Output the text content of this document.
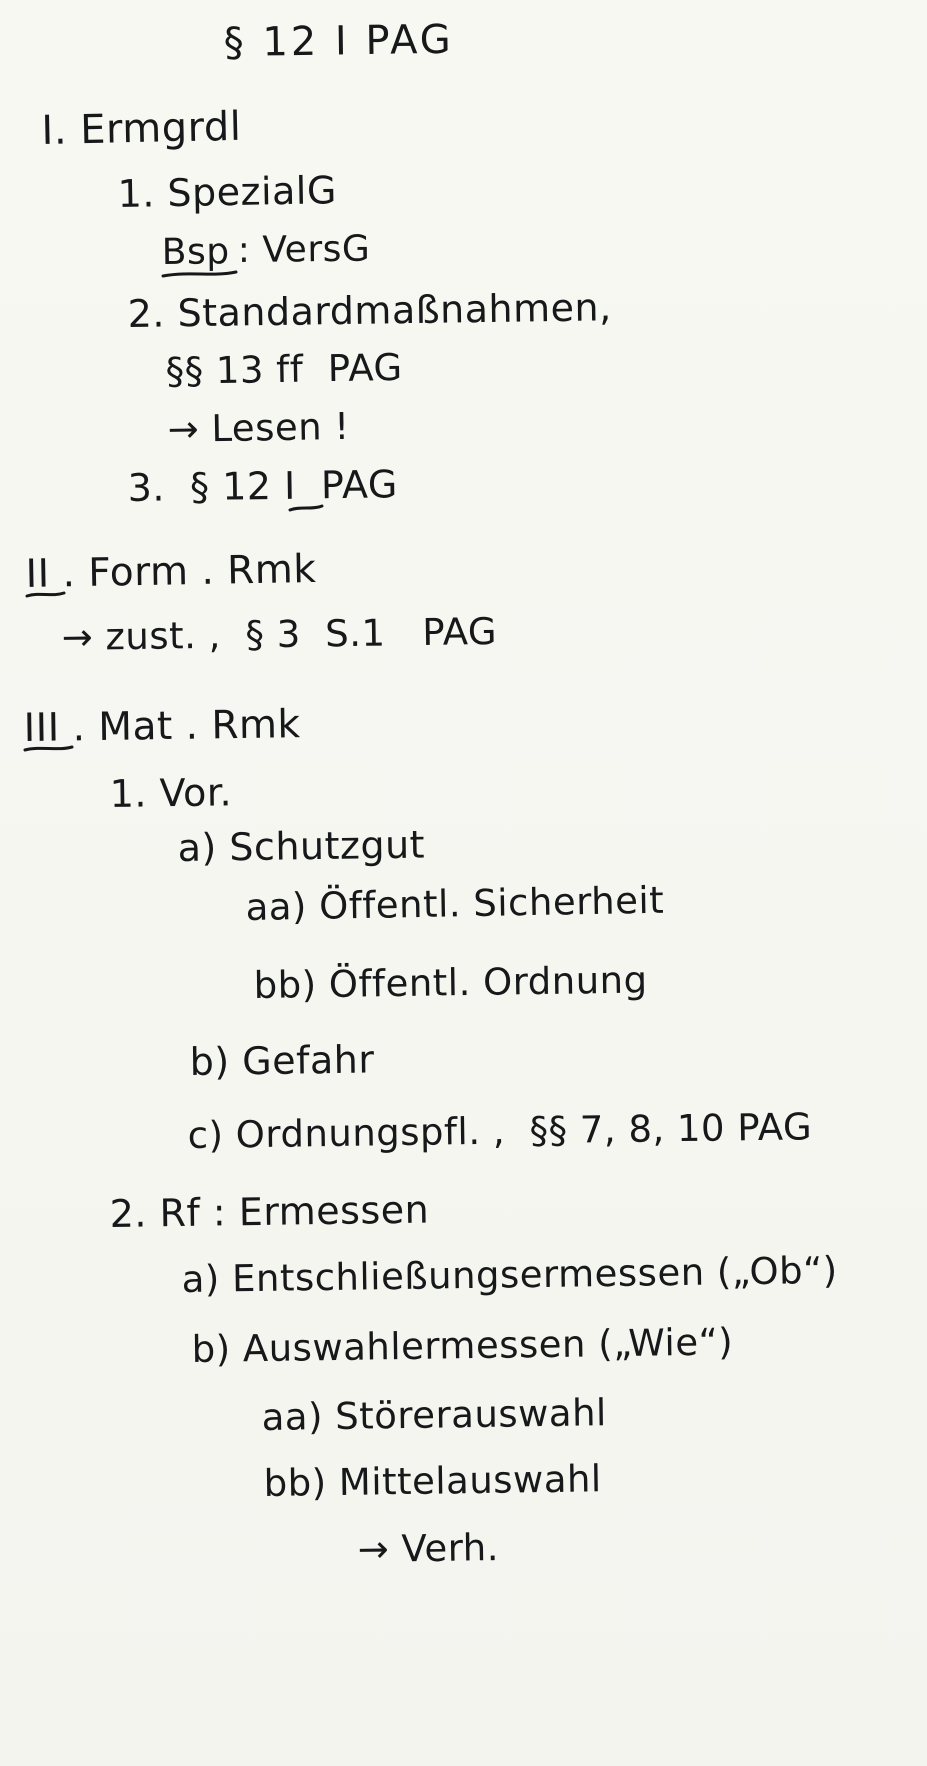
§ 12 I PAG
I. Ermgrdl
1. SpezialG
Bsp : VersG
2. Standardmaßnahmen,
§§ 13 ff  PAG
→ Lesen !
3.  § 12 I  PAG
II . Form . Rmk
→ zust. ,  § 3  S.1   PAG
III . Mat . Rmk
1. Vor.
a) Schutzgut
aa) Öffentl. Sicherheit
bb) Öffentl. Ordnung
b) Gefahr
c) Ordnungspfl. ,  §§ 7, 8, 10 PAG
2. Rf : Ermessen
a) Entschließungsermessen („Ob“)
b) Auswahlermessen („Wie“)
aa) Störerauswahl
bb) Mittelauswahl
→ Verh.
